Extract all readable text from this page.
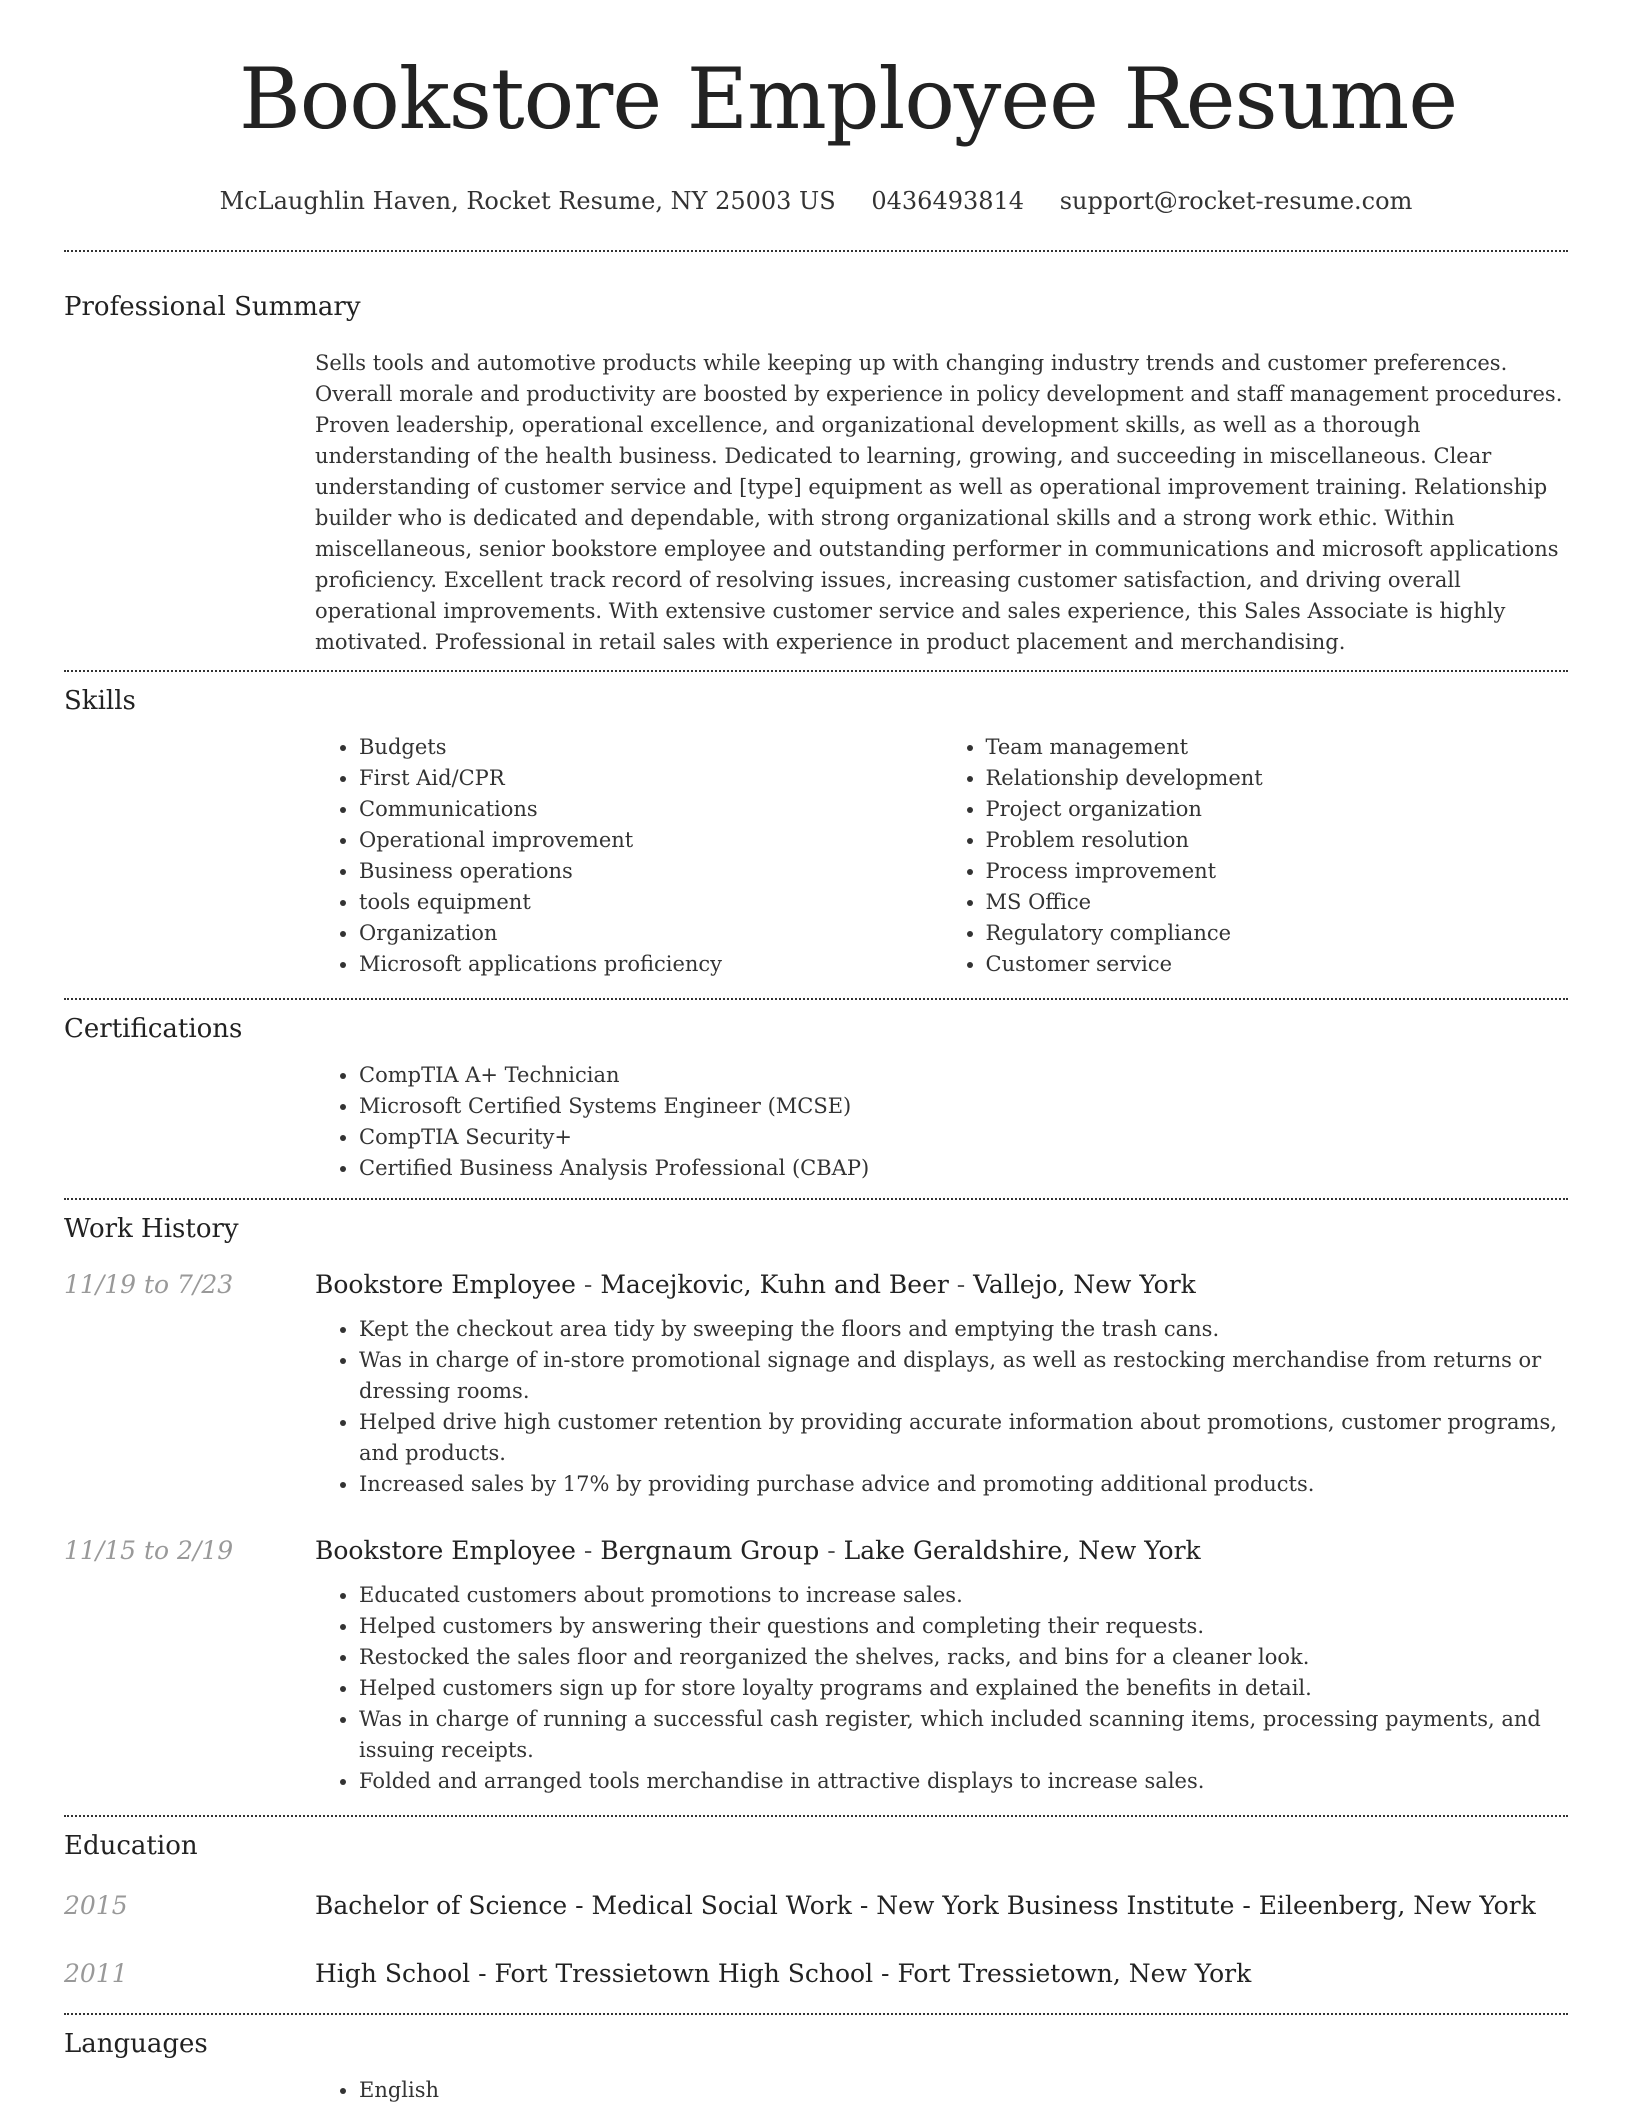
Bookstore Employee Resume
McLaughlin Haven, Rocket Resume, NY 25003 US 0436493814 support@rocket-resume.com
Professional Summary
Sells tools and automotive products while keeping up with changing industry trends and customer preferences. Overall morale and productivity are boosted by experience in policy development and staff management procedures. Proven leadership, operational excellence, and organizational development skills, as well as a thorough understanding of the health business. Dedicated to learning, growing, and succeeding in miscellaneous. Clear understanding of customer service and [type] equipment as well as operational improvement training. Relationship builder who is dedicated and dependable, with strong organizational skills and a strong work ethic. Within miscellaneous, senior bookstore employee and outstanding performer in communications and microsoft applications proficiency. Excellent track record of resolving issues, increasing customer satisfaction, and driving overall operational improvements. With extensive customer service and sales experience, this Sales Associate is highly motivated. Professional in retail sales with experience in product placement and merchandising.
Skills
• Budgets
• First Aid/CPR
• Communications
• Operational improvement
• Business operations
• tools equipment
• Organization
• Microsoft applications proficiency
• Team management
• Relationship development
• Project organization
• Problem resolution
• Process improvement
• MS Office
• Regulatory compliance
• Customer service
Certifications
• CompTIA A+ Technician
• Microsoft Certified Systems Engineer (MCSE)
• CompTIA Security+
• Certified Business Analysis Professional (CBAP)
Work History
11/19 to 7/23	Bookstore Employee - Macejkovic, Kuhn and Beer - Vallejo, New York
• Kept the checkout area tidy by sweeping the floors and emptying the trash cans.
• Was in charge of in-store promotional signage and displays, as well as restocking merchandise from returns or dressing rooms.
• Helped drive high customer retention by providing accurate information about promotions, customer programs, and products.
• Increased sales by 17% by providing purchase advice and promoting additional products.
11/15 to 2/19	Bookstore Employee - Bergnaum Group - Lake Geraldshire, New York
• Educated customers about promotions to increase sales.
• Helped customers by answering their questions and completing their requests.
• Restocked the sales floor and reorganized the shelves, racks, and bins for a cleaner look.
• Helped customers sign up for store loyalty programs and explained the benefits in detail.
• Was in charge of running a successful cash register, which included scanning items, processing payments, and issuing receipts.
• Folded and arranged tools merchandise in attractive displays to increase sales.
Education
2015	Bachelor of Science - Medical Social Work - New York Business Institute - Eileenberg, New York
2011	High School - Fort Tressietown High School - Fort Tressietown, New York
Languages
• English
